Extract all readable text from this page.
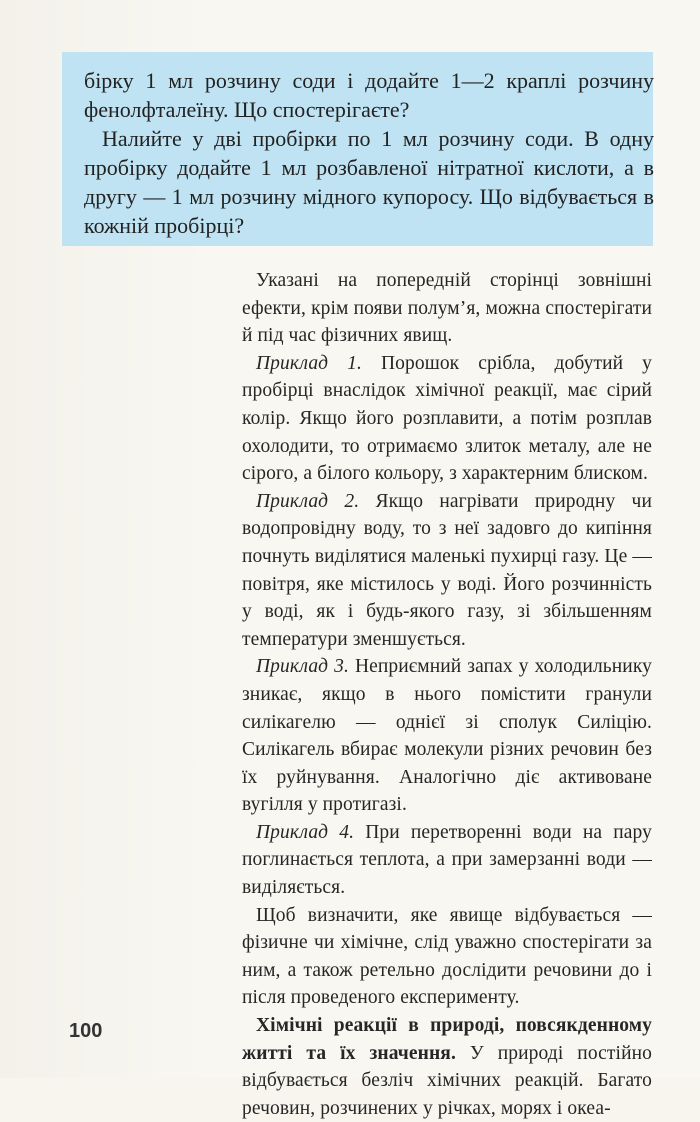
бірку 1 мл розчину соди і додайте 1—2 краплі розчину фенолфталеїну. Що спостерігаєте?

Налийте у дві пробірки по 1 мл розчину соди. В одну пробірку додайте 1 мл розбавленої нітратної кислоти, а в другу — 1 мл розчину мідного купоросу. Що відбувається в кожній пробірці?

Указані на попередній сторінці зовнішні ефекти, крім появи полум’я, можна спостерігати й під час фізичних явищ.

Приклад 1. Порошок срібла, добутий у пробірці внаслідок хімічної реакції, має сірий колір. Якщо його розплавити, а потім розплав охолодити, то отримаємо злиток металу, але не сірого, а білого кольору, з характерним блиском.

Приклад 2. Якщо нагрівати природну чи водопровідну воду, то з неї задовго до кипіння почнуть виділятися маленькі пухирці газу. Це — повітря, яке містилось у воді. Його розчинність у воді, як і будь-якого газу, зі збільшенням температури зменшується.

Приклад 3. Неприємний запах у холодильнику зникає, якщо в нього помістити гранули силікагелю — однієї зі сполук Силіцію. Силікагель вбирає молекули різних речовин без їх руйнування. Аналогічно діє активоване вугілля у протигазі.

Приклад 4. При перетворенні води на пару поглинається теплота, а при замерзанні води — виділяється.

Щоб визначити, яке явище відбувається — фізичне чи хімічне, слід уважно спостерігати за ним, а також ретельно дослідити речовини до і після проведеного експерименту.

Хімічні реакції в природі, повсякденному житті та їх значення. У природі постійно відбувається безліч хімічних реакцій. Багато речовин, розчинених у річках, морях і океа-

100
